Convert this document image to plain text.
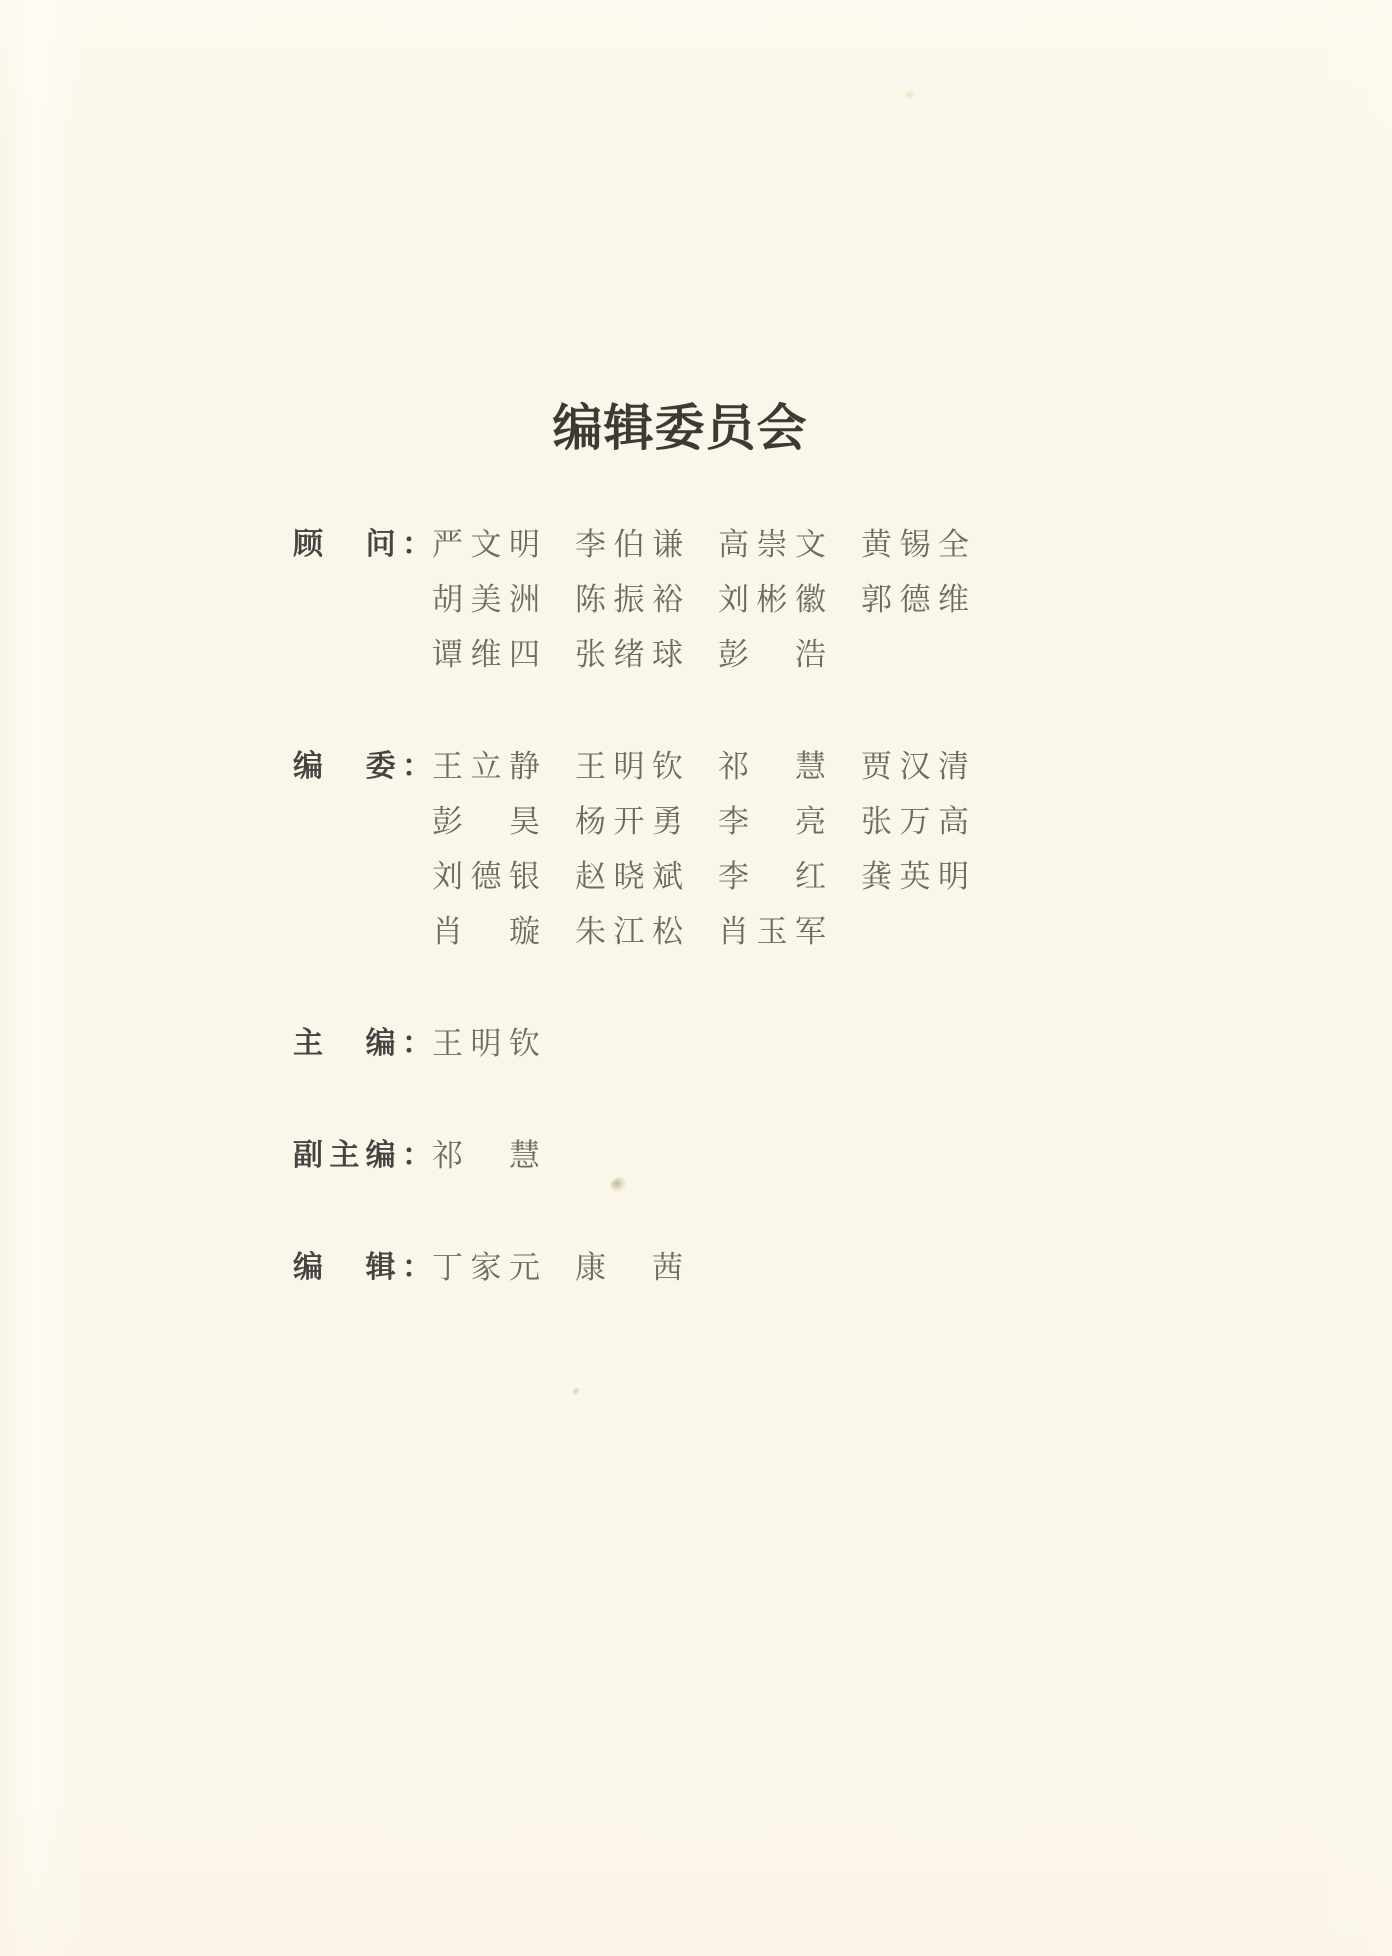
编辑委员会
顾　问： 严文明 李伯谦 高崇文 黄锡全
胡美洲 陈振裕 刘彬徽 郭德维
谭维四 张绪球 彭　浩
编　委： 王立静 王明钦 祁　慧 贾汉清
彭　昊 杨开勇 李　亮 张万高
刘德银 赵晓斌 李　红 龚英明
肖　璇 朱江松 肖玉军
主　编： 王明钦
副主编： 祁　慧
编　辑： 丁家元 康　茜
